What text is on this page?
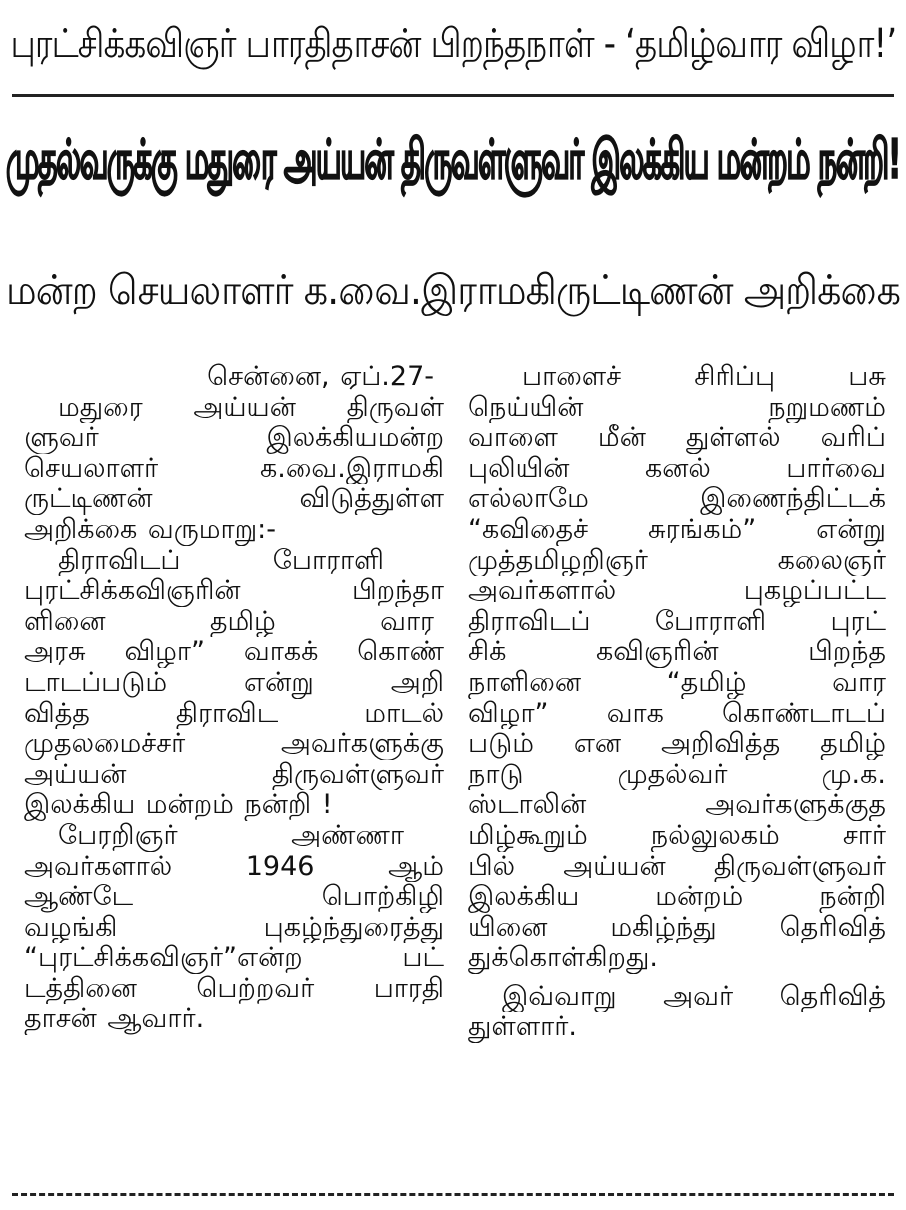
புரட்சிக்கவிஞர் பாரதிதாசன் பிறந்தநாள் - ‘தமிழ்வார விழா!’
முதல்வருக்கு மதுரை அய்யன் திருவள்ளுவர் இலக்கிய மன்றம் நன்றி!
மன்ற செயலாளர் க.வை.இராமகிருட்டிணன் அறிக்கை
சென்னை, ஏப்.27-
மதுரை அய்யன் திருவள்
ளுவர் இலக்கியமன்ற
செயலாளர் க.வை.இராமகி
ருட்டிணன் விடுத்துள்ள
அறிக்கை வருமாறு:-
திராவிடப் போராளி
புரட்சிக்கவிஞரின் பிறந்தா
ளினை தமிழ் வார
அரசு விழா” வாகக் கொண்
டாடப்படும் என்று அறி
வித்த திராவிட மாடல்
முதலமைச்சர் அவர்களுக்கு
அய்யன் திருவள்ளுவர்
இலக்கிய மன்றம் நன்றி !
பேரறிஞர் அண்ணா
அவர்களால் 1946 ஆம்
ஆண்டே பொற்கிழி
வழங்கி புகழ்ந்துரைத்து
“புரட்சிக்கவிஞர்”என்ற பட்
டத்தினை பெற்றவர் பாரதி
தாசன் ஆவார்.
பாளைச் சிரிப்பு பசு
நெய்யின் நறுமணம்
வாளை மீன் துள்ளல் வரிப்
புலியின் கனல் பார்வை
எல்லாமே இணைந்திட்டக்
“கவிதைச் சுரங்கம்” என்று
முத்தமிழறிஞர் கலைஞர்
அவர்களால் புகழப்பட்ட
திராவிடப் போராளி புரட்
சிக் கவிஞரின் பிறந்த
நாளினை “தமிழ் வார
விழா” வாக கொண்டாடப்
படும் என அறிவித்த தமிழ்
நாடு முதல்வர் மு.க.
ஸ்டாலின் அவர்களுக்குத
மிழ்கூறும் நல்லுலகம் சார்
பில் அய்யன் திருவள்ளுவர்
இலக்கிய மன்றம் நன்றி
யினை மகிழ்ந்து தெரிவித்
துக்கொள்கிறது.
இவ்வாறு அவர் தெரிவித்
துள்ளார்.
